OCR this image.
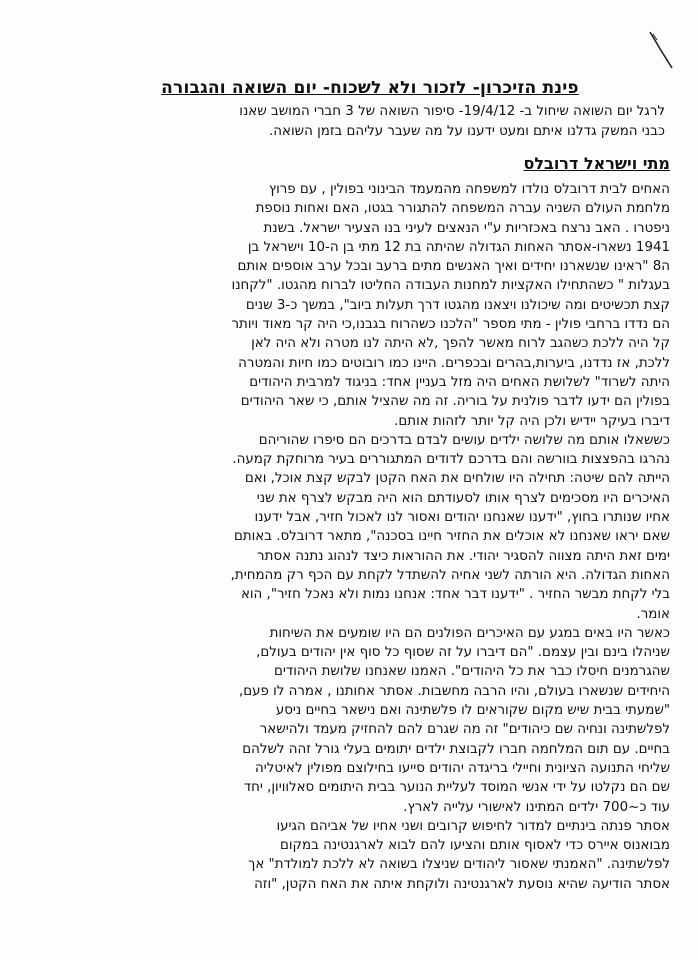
פינת הזיכרון- לזכור ולא לשכוח- יום השואה והגבורה
לרגל יום השואה שיחול ב- 19/4/12- סיפור השואה של 3 חברי המושב שאנו
כבני המשק גדלנו איתם ומעט ידענו על מה שעבר עליהם בזמן השואה.
מתי וישראל דרובלס

האחים לבית דרובלס נולדו למשפחה מהמעמד הבינוני בפולין , עם פרוץ
מלחמת העולם השניה עברה המשפחה להתגורר בגטו, האם ואחות נוספת
ניפטרו . האב נרצח באכזריות ע"י הנאצים לעיני בנו הצעיר ישראל. בשנת
1941 נשארו-אסתר האחות הגדולה שהיתה בת 12 מתי בן ה-10 וישראל בן
ה8 "ראינו שנשארנו יחידים ואיך האנשים מתים ברעב ובכל ערב אוספים אותם
בעגלות " כשהתחילו האקציות למחנות העבודה החליטו לברוח מהגטו. "לקחנו
קצת תכשיטים ומה שיכולנו ויצאנו מהגטו דרך תעלות ביוב", במשך כ-3 שנים
הם נדדו ברחבי פולין - מתי מספר "הלכנו כשהרוח בגבנו,כי היה קר מאוד ויותר
קל היה ללכת כשהגב לרוח מאשר להפך ,לא היתה לנו מטרה ולא היה לאן
ללכת, אז נדדנו, ביערות,בהרים ובכפרים. היינו כמו רובוטים כמו חיות והמטרה
היתה לשרוד" לשלושת האחים היה מזל בעניין אחד: בניגוד למרבית היהודים
בפולין הם ידעו לדבר פולנית על בוריה. זה מה שהציל אותם, כי שאר היהודים
דיברו בעיקר יידיש ולכן היה קל יותר לזהות אותם.

כששאלו אותם מה שלושה ילדים עושים לבדם בדרכים הם סיפרו שהוריהם
נהרגו בהפצצות בוורשה והם בדרכם לדודים המתגוררים בעיר מרוחקת קמעה.
הייתה להם שיטה: תחילה היו שולחים את האח הקטן לבקש קצת אוכל, ואם
האיכרים היו מסכימים לצרף אותו לסעודתם הוא היה מבקש לצרף את שני
אחיו שנותרו בחוץ, "ידענו שאנחנו יהודים ואסור לנו לאכול חזיר, אבל ידענו
שאם יראו שאנחנו לא אוכלים את החזיר חיינו בסכנה", מתאר דרובלס. באותם
ימים זאת היתה מצווה להסגיר יהודי. את ההוראות כיצד לנהוג נתנה אסתר
האחות הגדולה. היא הורתה לשני אחיה להשתדל לקחת עם הכף רק מהמחית,
בלי לקחת מבשר החזיר . "ידענו דבר אחד: אנחנו נמות ולא נאכל חזיר", הוא
אומר.

כאשר היו באים במגע עם האיכרים הפולנים הם היו שומעים את השיחות
שניהלו בינם ובין עצמם. "הם דיברו על זה שסוף כל סוף אין יהודים בעולם,
שהגרמנים חיסלו כבר את כל היהודים". האמנו שאנחנו שלושת היהודים
היחידים שנשארו בעולם, והיו הרבה מחשבות. אסתר אחותנו , אמרה לו פעם,
"שמעתי בבית שיש מקום שקוראים לו פלשתינה ואם נישאר בחיים ניסע
לפלשתינה ונחיה שם כיהודים" זה מה שגרם להם להחזיק מעמד ולהישאר
בחיים. עם תום המלחמה חברו לקבוצת ילדים יתומים בעלי גורל זהה לשלהם
שליחי התנועה הציונית וחיילי בריגדה יהודים סייעו בחילוצם מפולין לאיטליה
שם הם נקלטו על ידי אנשי המוסד לעליית הנוער בבית היתומים סאלוויון, יחד
עוד כ~700 ילדים המתינו לאישורי עלייה לארץ.

אסתר פנתה בינתיים למדור לחיפוש קרובים ושני אחיו של אביהם הגיעו
מבואנוס איירס כדי לאסוף אותם והציעו להם לבוא לארגנטינה במקום
לפלשתינה. "האמנתי שאסור ליהודים שניצלו בשואה לא ללכת למולדת" אך
אסתר הודיעה שהיא נוסעת לארגנטינה ולוקחת איתה את האח הקטן, "וזה
